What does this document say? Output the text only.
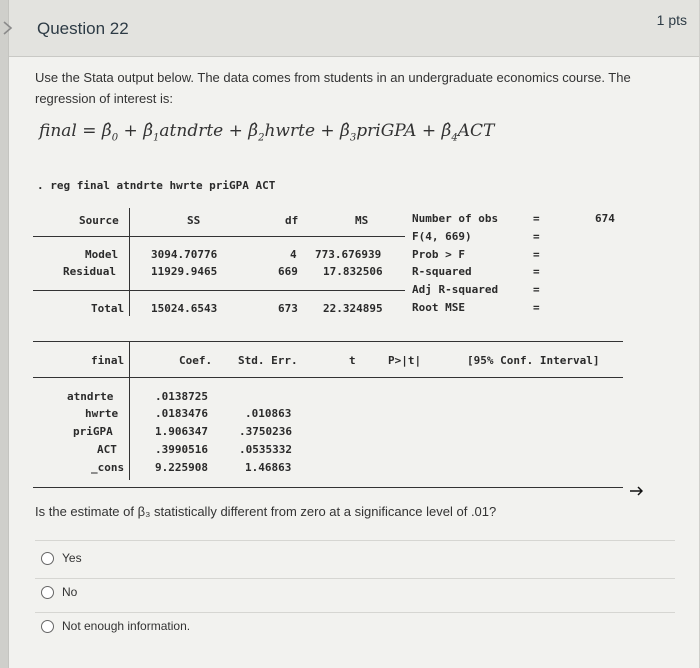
Question 22	1 pts
Use the Stata output below. The data comes from students in an undergraduate economics course. The regression of interest is:
final = $\betâ_0$ + $\betâ_1atndrte$ + $\betâ_2hwrte$ + $\betâ_3priGPA$ + $\betâ_4ACT$
. reg final atndrte hwrte priGPA ACT
Source	SS	df	MS
Model	3094.70776	4 773.676939
Residual	11929.9465	669 17.832506
Total 15024.6543	673 22.324895
Number of obs	=	674
F(4, 669)	=
Prob > F	=
R-squared	=
Adj R-squared	=
Root MSE	=
final	Coef. Std. Err.	t	P>|t|	[95% Conf. Interval]
atndrte	.0138725
hwrte	.0183476	.010863
priGPA	1.906347	.3750236
ACT	.3990516	.0535332
_cons	9.225908	1.46863
Is the estimate of β₃ statistically different from zero at a significance level of .01?
Yes
No
Not enough information.
